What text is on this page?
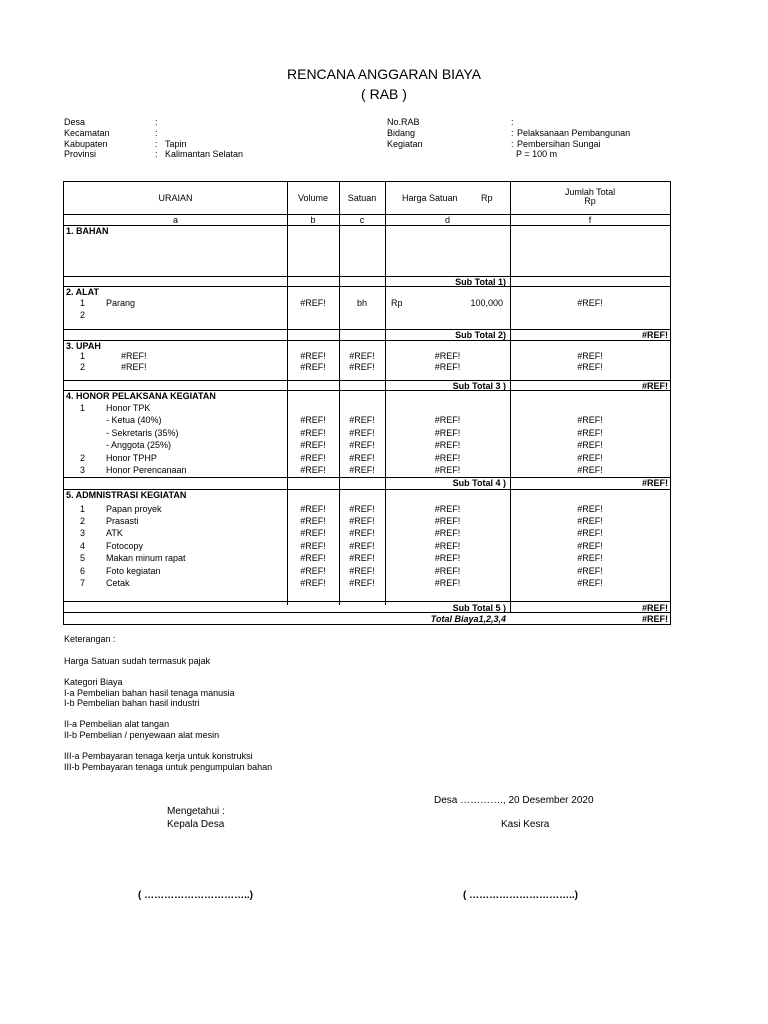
RENCANA ANGGARAN BIAYA
( RAB )
Desa	:
Kecamatan	:
Kabupaten	: Tapin
Provinsi	: Kalimantan Selatan
No.RAB	:
Bidang	: Pelaksanaan Pembangunan
Kegiatan	: Pembersihan Sungai
P = 100 m
URAIAN	Volume	Satuan	Harga Satuan	Rp
Jumlah Total
Rp
a	b	c	d	f
1. BAHAN
Sub Total 1)
2. ALAT
1 Parang	#REF!	bh	Rp	100,000	#REF!
2
Sub Total 2)	#REF!
3. UPAH
1	#REF!	#REF!	#REF!	#REF!	#REF!
2	#REF!	#REF!	#REF!	#REF!	#REF!
Sub Total 3 )	#REF!
4. HONOR PELAKSANA KEGIATAN
1 Honor TPK
- Ketua (40%)	#REF!	#REF!	#REF!	#REF!
- Sekretaris (35%)	#REF!	#REF!	#REF!	#REF!
- Anggota (25%)	#REF!	#REF!	#REF!	#REF!
2 Honor TPHP	#REF!	#REF!	#REF!	#REF!
3 Honor Perencanaan	#REF!	#REF!	#REF!	#REF!
Sub Total 4 )	#REF!
5. ADMNISTRASI KEGIATAN
1 Papan proyek	#REF!	#REF!	#REF!	#REF!
2 Prasasti	#REF!	#REF!	#REF!	#REF!
3 ATK	#REF!	#REF!	#REF!	#REF!
4 Fotocopy	#REF!	#REF!	#REF!	#REF!
5 Makan minum rapat	#REF!	#REF!	#REF!	#REF!
6 Foto kegiatan	#REF!	#REF!	#REF!	#REF!
7 Cetak	#REF!	#REF!	#REF!	#REF!
Sub Total 5 )	#REF!
Total Biaya1,2,3,4	#REF!
Keterangan :
Harga Satuan sudah termasuk pajak
Kategori Biaya
I-a Pembelian bahan hasil tenaga manusia
I-b Pembelian bahan hasil industri
II-a Pembelian alat tangan
II-b Pembelian / penyewaan alat mesin
III-a Pembayaran tenaga kerja untuk konstruksi
III-b Pembayaran tenaga untuk pengumpulan bahan
Desa …………., 20 Desember 2020
Mengetahui :
Kepala Desa	Kasi Kesra
( …………………………..)	( …………………………..)
